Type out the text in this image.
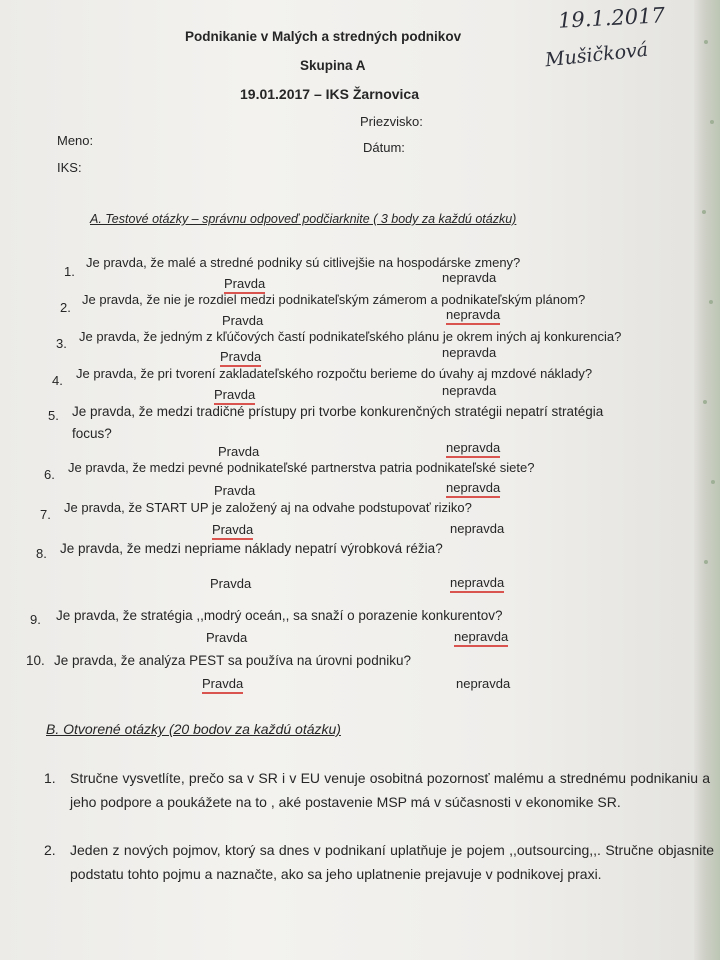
Podnikanie v Malých a stredných podnikov
Skupina A
19.01.2017 – IKS Žarnovica
Priezvisko:
Meno:	Dátum:
IKS:
19.1.2017
Mušičková
A. Testové otázky – správnu odpoveď podčiarknite ( 3 body za každú otázku)
1.
Je pravda, že malé a stredné podniky sú citlivejšie na hospodárske zmeny?
Pravda	nepravda
2.
Je pravda, že nie je rozdiel medzi podnikateľským zámerom a podnikateľským plánom?
Pravda	nepravda
3. Je pravda, že jedným z kľúčových častí podnikateľského plánu je okrem iných aj konkurencia?
Pravda	nepravda
4. Je pravda, že pri tvorení zakladateľského rozpočtu berieme do úvahy aj mzdové náklady?
Pravda	nepravda
5. Je pravda, že medzi tradičné prístupy pri tvorbe konkurenčných stratégii nepatrí stratégia
focus?
Pravda	nepravda
6. Je pravda, že medzi pevné podnikateľské partnerstva patria podnikateľské siete?
Pravda	nepravda
7. Je pravda, že START UP je založený aj na odvahe podstupovať riziko?
Pravda	nepravda
8. Je pravda, že medzi nepriame náklady nepatrí výrobková réžia?
Pravda	nepravda
9. Je pravda, že stratégia ,,modrý oceán,, sa snaží o porazenie konkurentov?
Pravda	nepravda
10. Je pravda, že analýza PEST sa používa na úrovni podniku?
Pravda	nepravda
B. Otvorené otázky (20 bodov za každú otázku)
1. Stručne vysvetlíte, prečo sa v SR i v EU venuje osobitná pozornosť malému a strednému podnikaniu a jeho podpore a poukážete na to , aké postavenie MSP má v súčasnosti v ekonomike SR.
2. Jeden z nových pojmov, ktorý sa dnes v podnikaní uplatňuje je pojem ,,outsourcing,,. Stručne objasnite podstatu tohto pojmu a naznačte, ako sa jeho uplatnenie prejavuje v podnikovej praxi.
